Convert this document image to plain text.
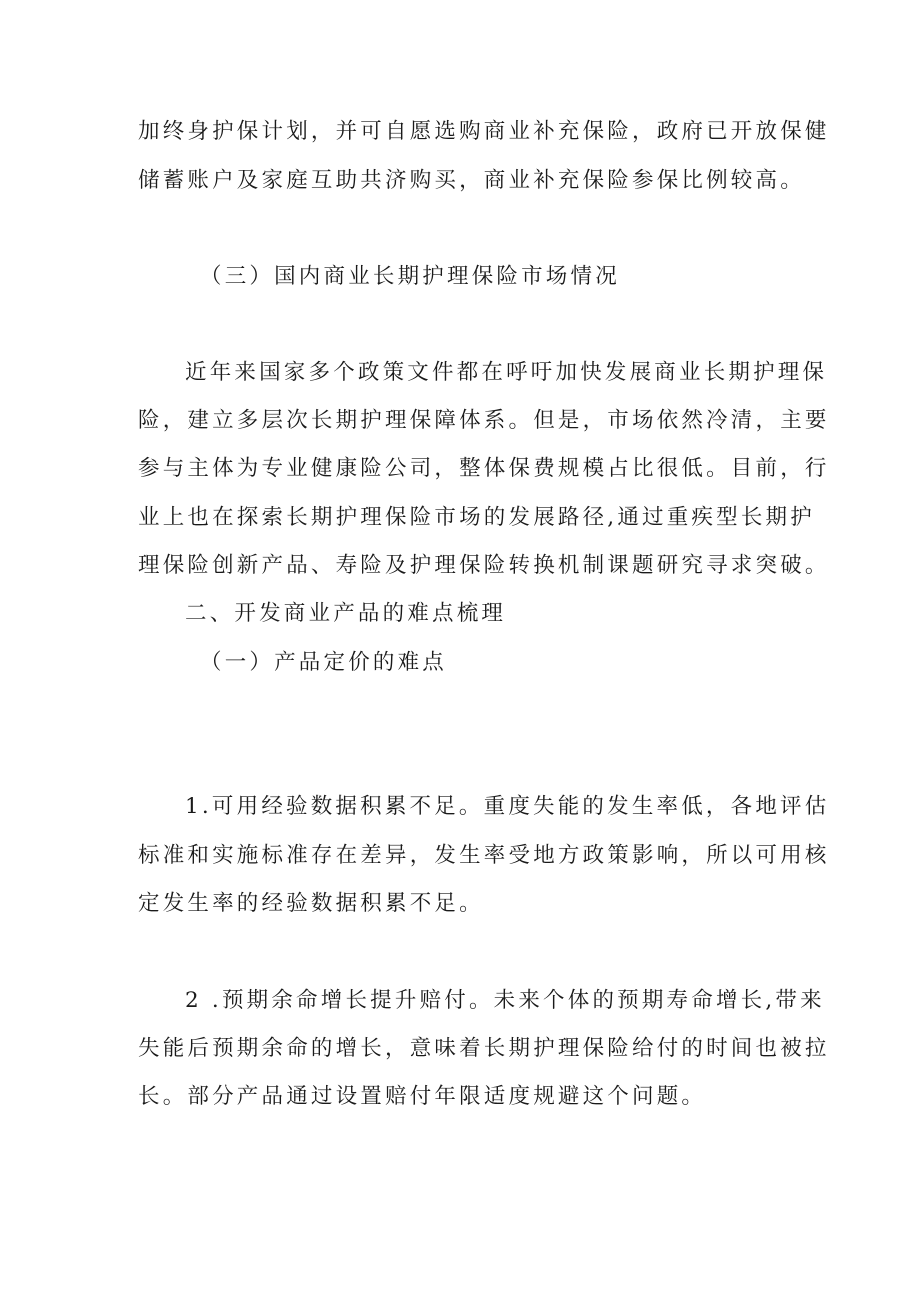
加终身护保计划，并可自愿选购商业补充保险，政府已开放保健
储蓄账户及家庭互助共济购买，商业补充保险参保比例较高。
（三）国内商业长期护理保险市场情况
近年来国家多个政策文件都在呼吁加快发展商业长期护理保
险，建立多层次长期护理保障体系。但是，市场依然冷清，主要
参与主体为专业健康险公司，整体保费规模占比很低。目前，行
业上也在探索长期护理保险市场的发展路径,通过重疾型长期护
理保险创新产品、寿险及护理保险转换机制课题研究寻求突破。
二、开发商业产品的难点梳理
（一）产品定价的难点
1.可用经验数据积累不足。重度失能的发生率低，各地评估
标准和实施标准存在差异，发生率受地方政策影响，所以可用核
定发生率的经验数据积累不足。
2 .预期余命增长提升赔付。未来个体的预期寿命增长,带来
失能后预期余命的增长，意味着长期护理保险给付的时间也被拉
长。部分产品通过设置赔付年限适度规避这个问题。
